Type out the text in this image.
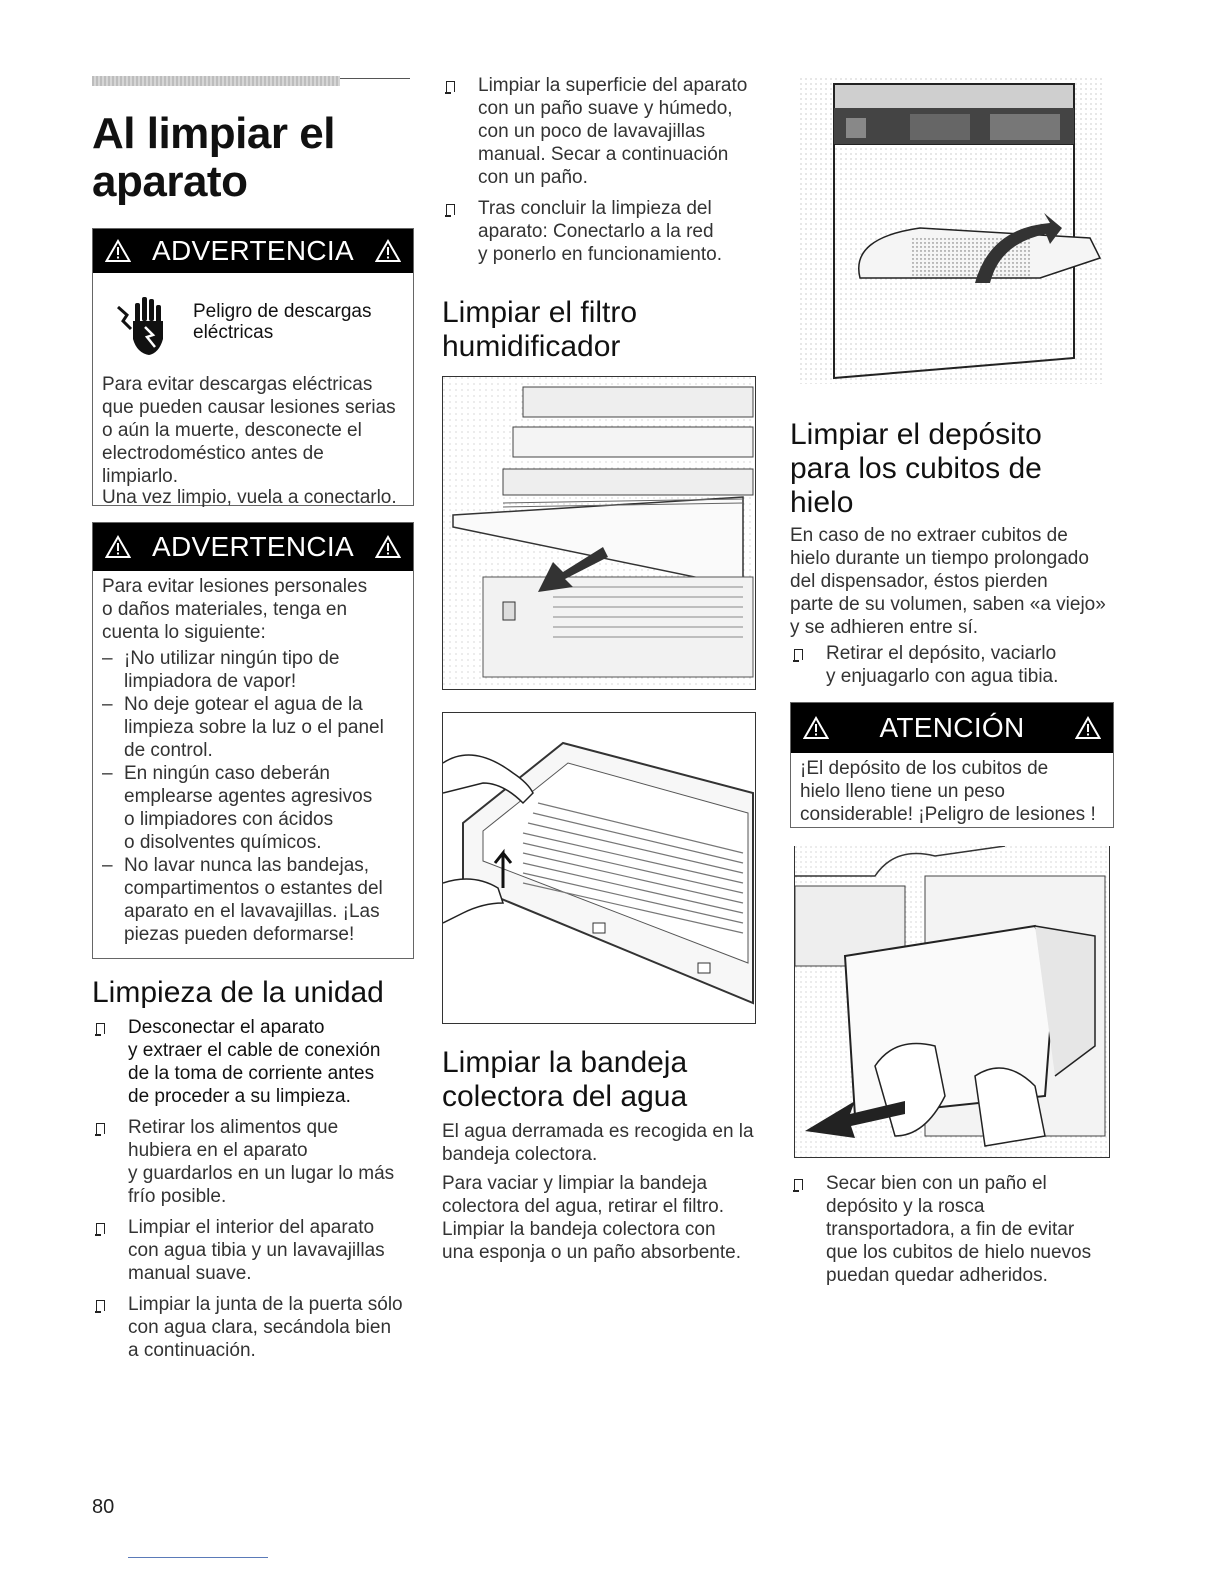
Al limpiar el
aparato
ADVERTENCIA
Peligro de descargas
eléctricas
Para evitar descargas eléctricas
que pueden causar lesiones serias
o aún la muerte, desconecte el
electrodoméstico antes de
limpiarlo.
Una vez limpio, vuela a conectarlo.
ADVERTENCIA
Para evitar lesiones personales
o daños materiales, tenga en
cuenta lo siguiente:
– ¡No utilizar ningún tipo de
limpiadora de vapor!
– No deje gotear el agua de la
limpieza sobre la luz o el panel
de control.
– En ningún caso deberán
emplearse agentes agresivos
o limpiadores con ácidos
o disolventes químicos.
– No lavar nunca las bandejas,
compartimentos o estantes del
aparato en el lavavajillas. ¡Las
piezas pueden deformarse!
Limpieza de la unidad
Desconectar el aparato
y extraer el cable de conexión
de la toma de corriente antes
de proceder a su limpieza.
Retirar los alimentos que
hubiera en el aparato
y guardarlos en un lugar lo más
frío posible.
Limpiar el interior del aparato
con agua tibia y un lavavajillas
manual suave.
Limpiar la junta de la puerta sólo
con agua clara, secándola bien
a continuación.
Limpiar la superficie del aparato
con un paño suave y húmedo,
con un poco de lavavajillas
manual. Secar a continuación
con un paño.
Tras concluir la limpieza del
aparato: Conectarlo a la red
y ponerlo en funcionamiento.
Limpiar el filtro
humidificador
Limpiar la bandeja
colectora del agua
El agua derramada es recogida en la
bandeja colectora.
Para vaciar y limpiar la bandeja
colectora del agua, retirar el filtro.
Limpiar la bandeja colectora con
una esponja o un paño absorbente.
Limpiar el depósito
para los cubitos de
hielo
En caso de no extraer cubitos de
hielo durante un tiempo prolongado
del dispensador, éstos pierden
parte de su volumen, saben «a viejo»
y se adhieren entre sí.
Retirar el depósito, vaciarlo
y enjuagarlo con agua tibia.
ATENCIÓN
¡El depósito de los cubitos de
hielo lleno tiene un peso
considerable! ¡Peligro de lesiones !
Secar bien con un paño el
depósito y la rosca
transportadora, a fin de evitar
que los cubitos de hielo nuevos
puedan quedar adheridos.
80
